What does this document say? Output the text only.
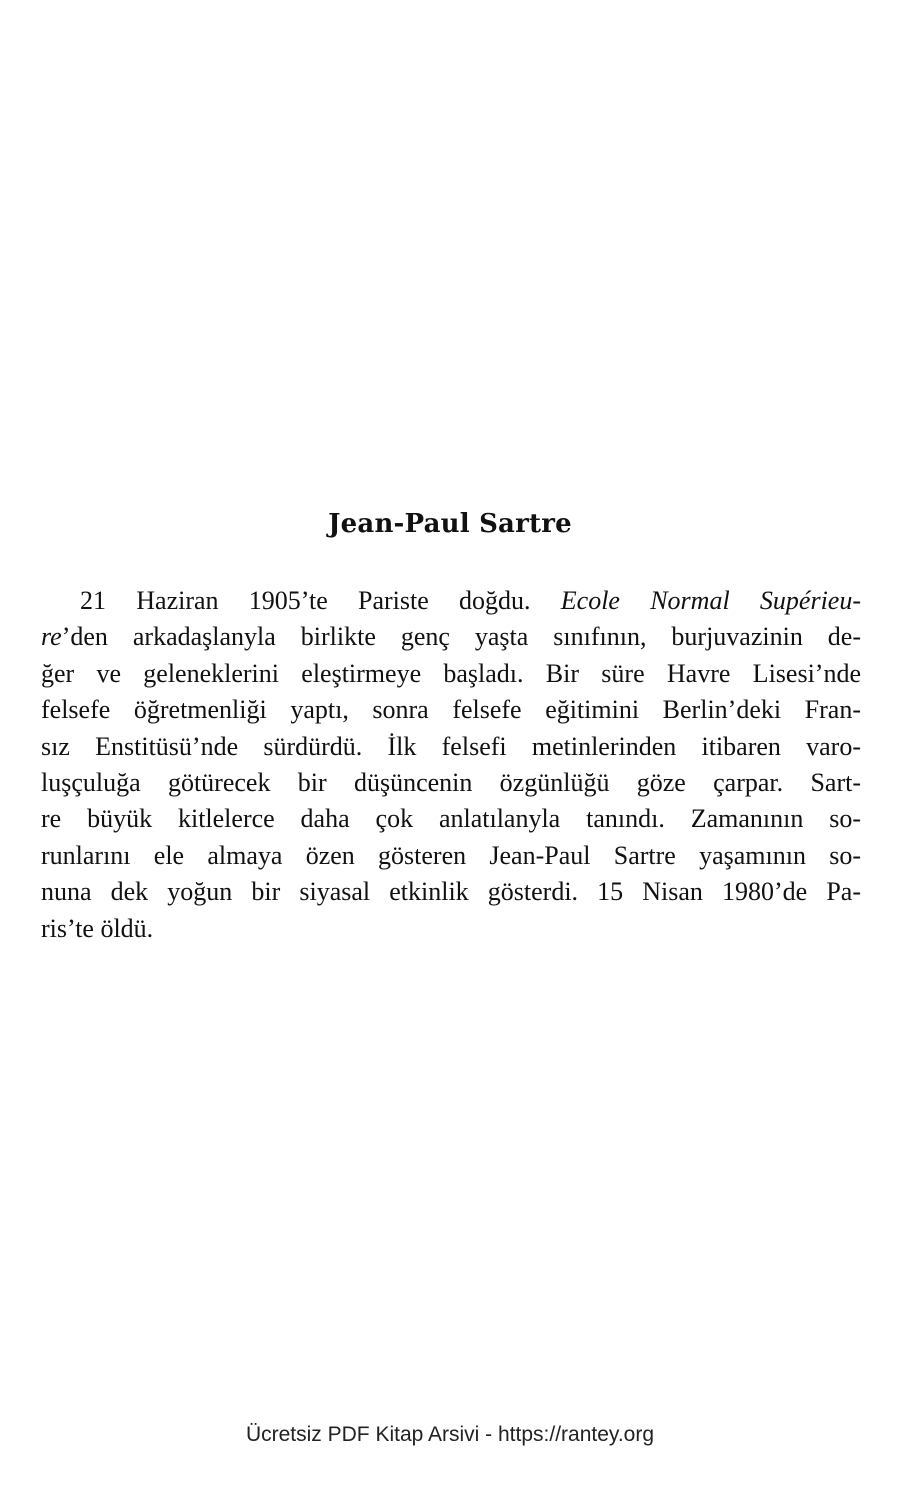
Jean-Paul Sartre
21 Haziran 1905’te Pariste doğdu. Ecole Normal Supérieu-
re’den arkadaşlanyla birlikte genç yaşta sınıfının, burjuvazinin de-
ğer ve geleneklerini eleştirmeye başladı. Bir süre Havre Lisesi’nde
felsefe öğretmenliği yaptı, sonra felsefe eğitimini Berlin’deki Fran-
sız Enstitüsü’nde sürdürdü. İlk felsefi metinlerinden itibaren varo-
luşçuluğa götürecek bir düşüncenin özgünlüğü göze çarpar. Sart-
re büyük kitlelerce daha çok anlatılanyla tanındı. Zamanının so-
runlarını ele almaya özen gösteren Jean-Paul Sartre yaşamının so-
nuna dek yoğun bir siyasal etkinlik gösterdi. 15 Nisan 1980’de Pa-
ris’te öldü.
Ücretsiz PDF Kitap Arsivi - https://rantey.org
